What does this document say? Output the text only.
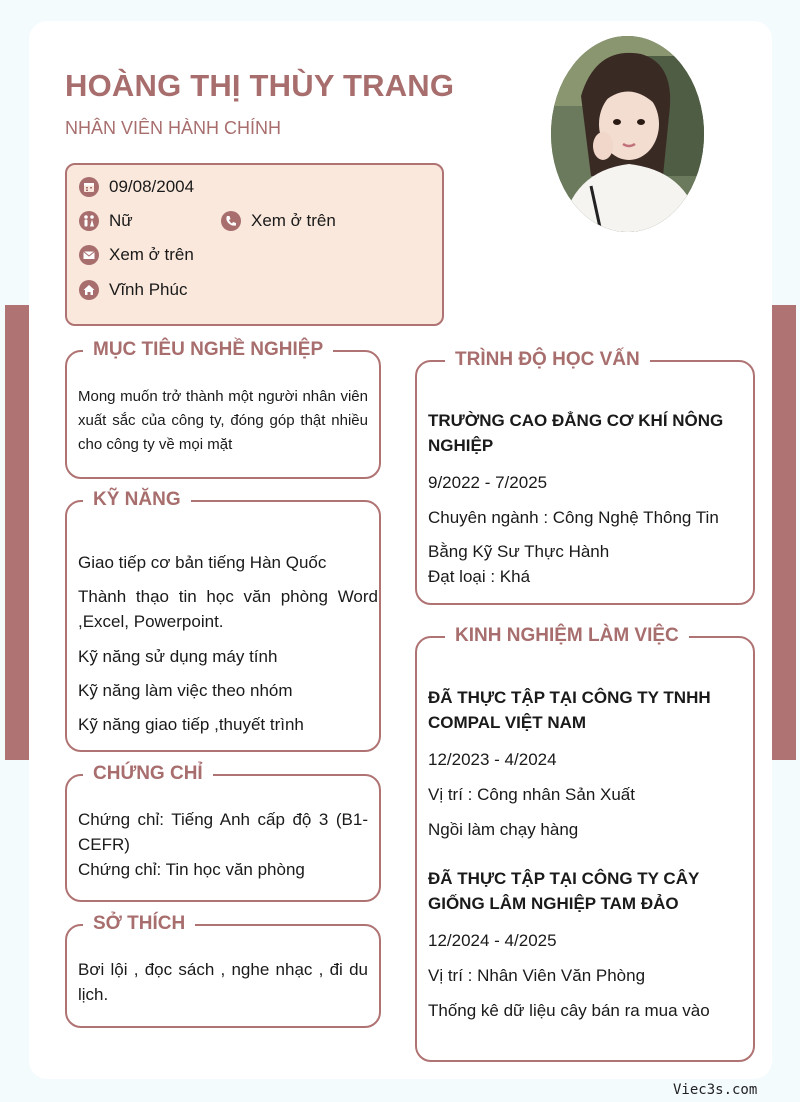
HOÀNG THỊ THÙY TRANG
NHÂN VIÊN HÀNH CHÍNH
09/08/2004
Nữ	Xem ở trên
Xem ở trên
Vĩnh Phúc
MỤC TIÊU NGHỀ NGHIỆP

Mong muốn trở thành một người nhân viên xuất sắc của công ty, đóng góp thật nhiều cho công ty về mọi mặt

KỸ NĂNG

Giao tiếp cơ bản tiếng Hàn Quốc

Thành thạo tin học văn phòng Word ,Excel, Powerpoint.

Kỹ năng sử dụng máy tính

Kỹ năng làm việc theo nhóm

Kỹ năng giao tiếp ,thuyết trình

CHỨNG CHỈ

Chứng chỉ: Tiếng Anh cấp độ 3 (B1-CEFR)

Chứng chỉ: Tin học văn phòng

SỞ THÍCH

Bơi lội , đọc sách , nghe nhạc , đi du lịch.

TRÌNH ĐỘ HỌC VẤN

TRƯỜNG CAO ĐẲNG CƠ KHÍ NÔNG NGHIỆP

9/2022 - 7/2025

Chuyên ngành : Công Nghệ Thông Tin

Bằng Kỹ Sư Thực Hành

Đạt loại : Khá

KINH NGHIỆM LÀM VIỆC

ĐÃ THỰC TẬP TẠI CÔNG TY TNHH COMPAL VIỆT NAM

12/2023 - 4/2024

Vị trí : Công nhân Sản Xuất

Ngồi làm chạy hàng

ĐÃ THỰC TẬP TẠI CÔNG TY CÂY GIỐNG LÂM NGHIỆP TAM ĐẢO

12/2024 - 4/2025

Vị trí : Nhân Viên Văn Phòng

Thống kê dữ liệu cây bán ra mua vào

Viec3s.com
